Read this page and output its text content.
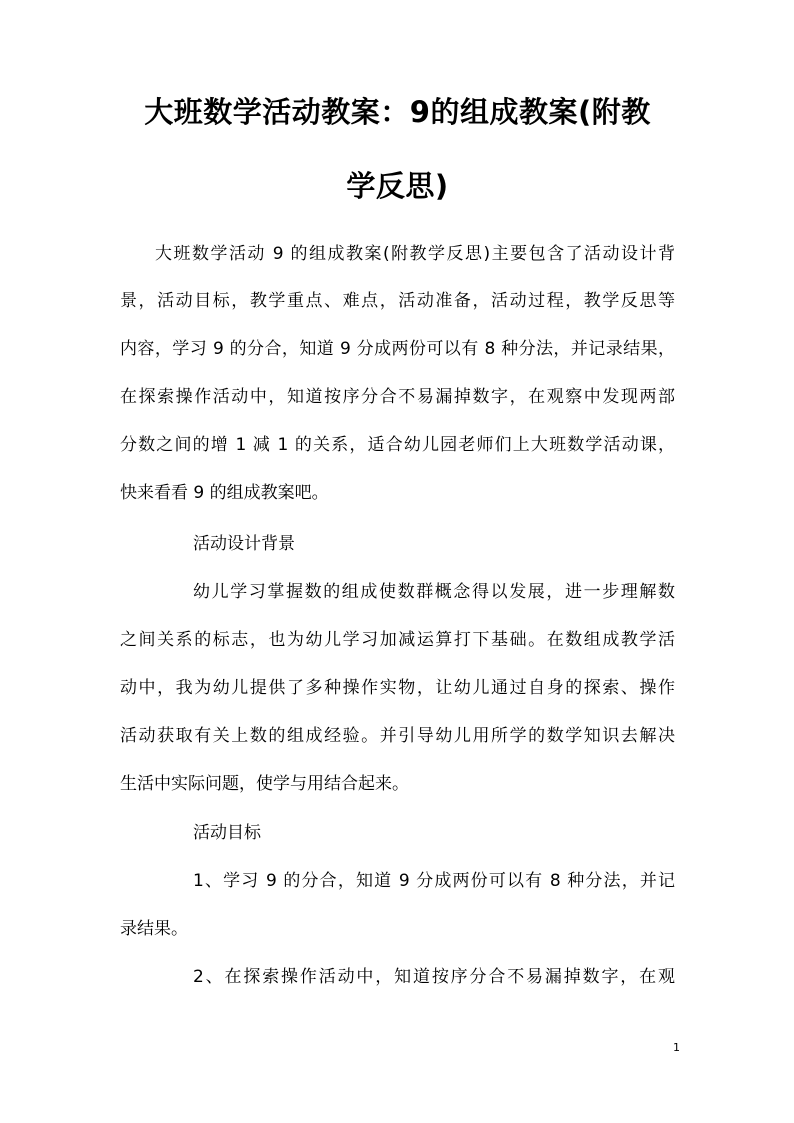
大班数学活动教案：9的组成教案(附教
学反思)
大班数学活动 9 的组成教案(附教学反思)主要包含了活动设计背
景，活动目标，教学重点、难点，活动准备，活动过程，教学反思等
内容，学习 9 的分合，知道 9 分成两份可以有 8 种分法，并记录结果，
在探索操作活动中，知道按序分合不易漏掉数字，在观察中发现两部
分数之间的增 1 减 1 的关系，适合幼儿园老师们上大班数学活动课，
快来看看 9 的组成教案吧。
活动设计背景
幼儿学习掌握数的组成使数群概念得以发展，进一步理解数
之间关系的标志，也为幼儿学习加减运算打下基础。在数组成教学活
动中，我为幼儿提供了多种操作实物，让幼儿通过自身的探索、操作
活动获取有关上数的组成经验。并引导幼儿用所学的数学知识去解决
生活中实际问题，使学与用结合起来。
活动目标
1、学习 9 的分合，知道 9 分成两份可以有 8 种分法，并记
录结果。
2、在探索操作活动中，知道按序分合不易漏掉数字，在观
1
